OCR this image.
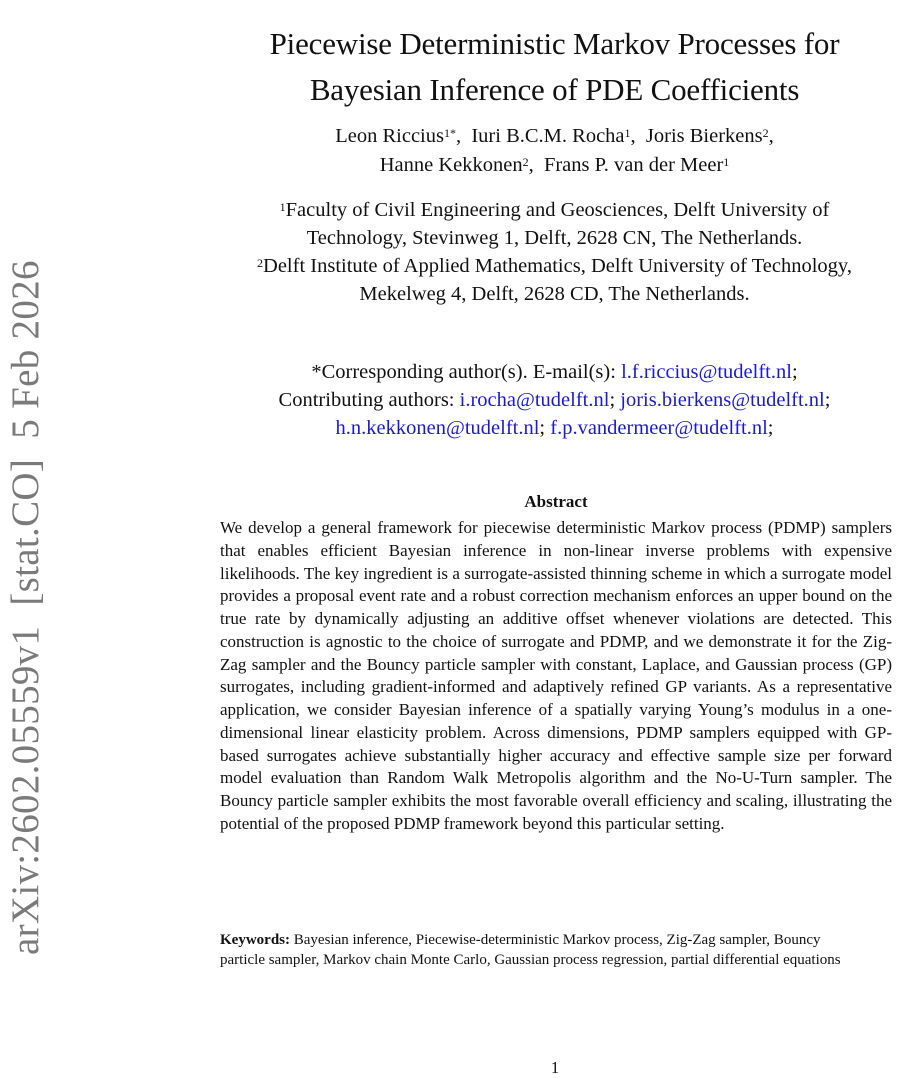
arXiv:2602.05559v1  [stat.CO]  5 Feb 2026
Piecewise Deterministic Markov Processes for
Bayesian Inference of PDE Coefficients
Leon Riccius$^{1*}$,  Iuri B.C.M. Rocha$^1$,  Joris Bierkens$^2$,
Hanne Kekkonen$^2$,  Frans P. van der Meer$^1$
$^1$Faculty of Civil Engineering and Geosciences, Delft University of
Technology, Stevinweg 1, Delft, 2628 CN, The Netherlands.
$^2$Delft Institute of Applied Mathematics, Delft University of Technology,
Mekelweg 4, Delft, 2628 CD, The Netherlands.
*Corresponding author(s). E-mail(s): l.f.riccius@tudelft.nl;
Contributing authors: i.rocha@tudelft.nl; joris.bierkens@tudelft.nl;
h.n.kekkonen@tudelft.nl; f.p.vandermeer@tudelft.nl;
Abstract

We develop a general framework for piecewise deterministic Markov process (PDMP) samplers that enables efficient Bayesian inference in non-linear inverse problems with expensive likelihoods. The key ingredient is a surrogate-assisted thinning scheme in which a surrogate model provides a proposal event rate and a robust correction mechanism enforces an upper bound on the true rate by dynamically adjusting an additive offset whenever violations are detected. This construction is agnostic to the choice of surrogate and PDMP, and we demonstrate it for the Zig-Zag sampler and the Bouncy particle sampler with constant, Laplace, and Gaussian process (GP) surrogates, including gradient-informed and adaptively refined GP variants. As a representative application, we consider Bayesian inference of a spatially varying Young’s modulus in a one-dimensional linear elasticity problem. Across dimensions, PDMP samplers equipped with GP-based surrogates achieve substantially higher accuracy and effective sample size per forward model evaluation than Random Walk Metropolis algorithm and the No-U-Turn sampler. The Bouncy particle sampler exhibits the most favorable overall efficiency and scaling, illustrating the potential of the proposed PDMP framework beyond this particular setting.

Keywords: Bayesian inference, Piecewise-deterministic Markov process, Zig-Zag sampler, Bouncy particle sampler, Markov chain Monte Carlo, Gaussian process regression, partial differential equations
1
